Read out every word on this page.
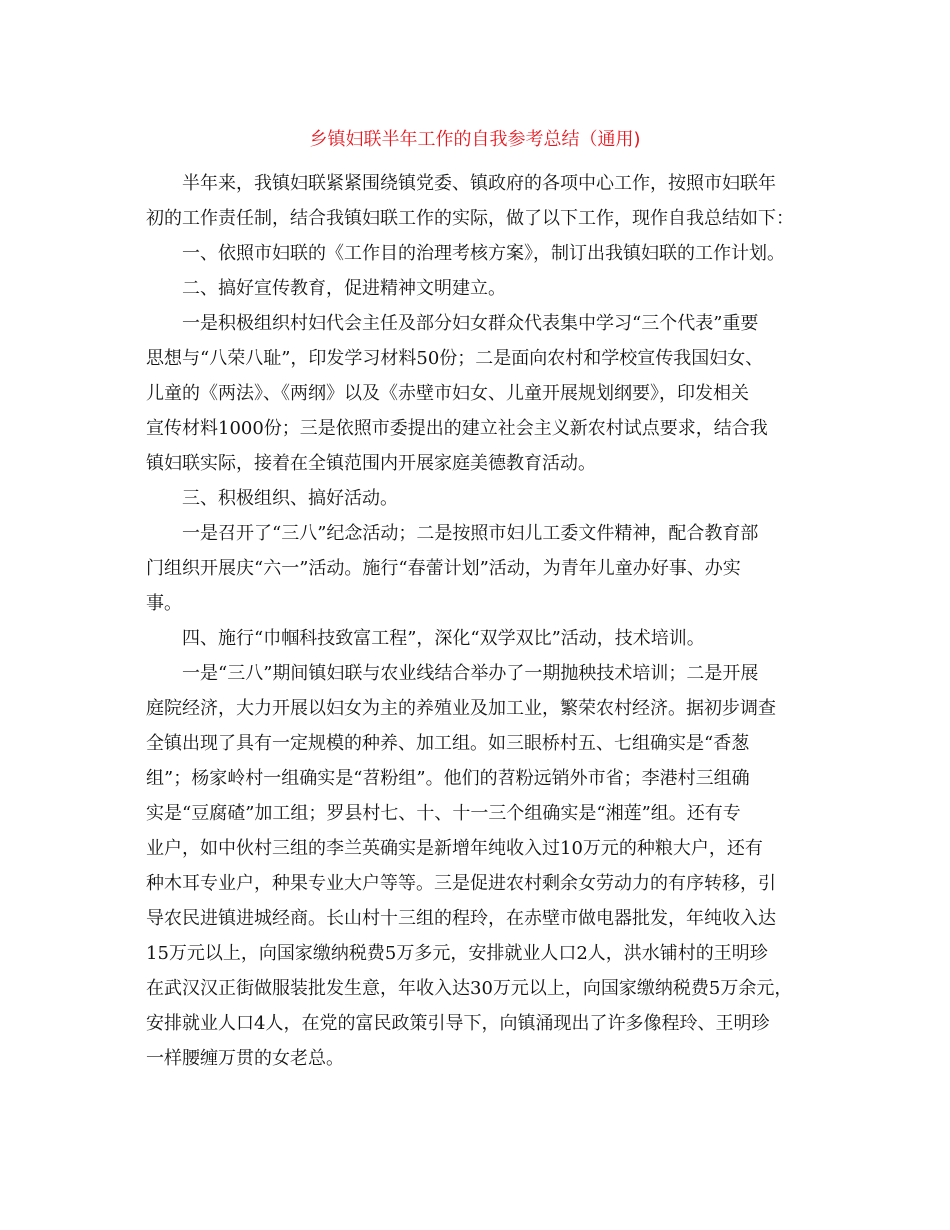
乡镇妇联半年工作的自我参考总结（通用)
半年来，我镇妇联紧紧围绕镇党委、镇政府的各项中心工作，按照市妇联年
初的工作责任制，结合我镇妇联工作的实际，做了以下工作，现作自我总结如下：
一、依照市妇联的《工作目的治理考核方案》，制订出我镇妇联的工作计划。
二、搞好宣传教育，促进精神文明建立。
一是积极组织村妇代会主任及部分妇女群众代表集中学习“三个代表”重要
思想与“八荣八耻”，印发学习材料50份；二是面向农村和学校宣传我国妇女、
儿童的《两法》、《两纲》以及《赤壁市妇女、儿童开展规划纲要》，印发相关
宣传材料1000份；三是依照市委提出的建立社会主义新农村试点要求，结合我
镇妇联实际，接着在全镇范围内开展家庭美德教育活动。
三、积极组织、搞好活动。
一是召开了“三八”纪念活动；二是按照市妇儿工委文件精神，配合教育部
门组织开展庆“六一”活动。施行“春蕾计划”活动，为青年儿童办好事、办实
事。
四、施行“巾帼科技致富工程”，深化“双学双比”活动，技术培训。
一是“三八”期间镇妇联与农业线结合举办了一期抛秧技术培训；二是开展
庭院经济，大力开展以妇女为主的养殖业及加工业，繁荣农村经济。据初步调查
全镇出现了具有一定规模的种养、加工组。如三眼桥村五、七组确实是“香葱
组”；杨家岭村一组确实是“苕粉组”。他们的苕粉远销外市省；李港村三组确
实是“豆腐碴”加工组；罗县村七、十、十一三个组确实是“湘莲”组。还有专
业户，如中伙村三组的李兰英确实是新增年纯收入过10万元的种粮大户，还有
种木耳专业户，种果专业大户等等。三是促进农村剩余女劳动力的有序转移，引
导农民进镇进城经商。长山村十三组的程玲，在赤壁市做电器批发，年纯收入达
15万元以上，向国家缴纳税费5万多元，安排就业人口2人，洪水铺村的王明珍
在武汉汉正街做服装批发生意，年收入达30万元以上，向国家缴纳税费5万余元，
安排就业人口4人，在党的富民政策引导下，向镇涌现出了许多像程玲、王明珍
一样腰缠万贯的女老总。
